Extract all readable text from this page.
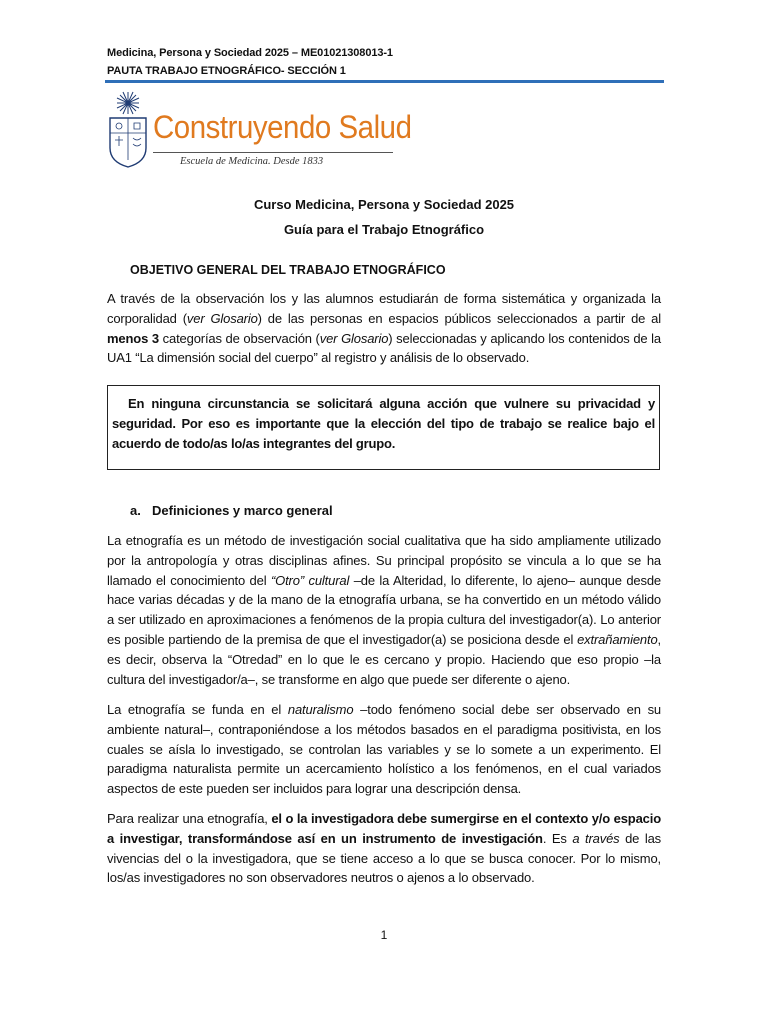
Medicina, Persona y Sociedad 2025 – ME01021308013-1
PAUTA TRABAJO ETNOGRÁFICO- SECCIÓN 1
Construyendo Salud
Escuela de Medicina. Desde 1833
Curso Medicina, Persona y Sociedad 2025
Guía para el Trabajo Etnográfico
OBJETIVO GENERAL DEL TRABAJO ETNOGRÁFICO
A través de la observación los y las alumnos estudiarán de forma sistemática y organizada la corporalidad (ver Glosario) de las personas en espacios públicos seleccionados a partir de al menos 3 categorías de observación (ver Glosario) seleccionadas y aplicando los contenidos de la UA1 “La dimensión social del cuerpo” al registro y análisis de lo observado.
En ninguna circunstancia se solicitará alguna acción que vulnere su privacidad y seguridad. Por eso es importante que la elección del tipo de trabajo se realice bajo el acuerdo de todo/as lo/as integrantes del grupo.
a. Definiciones y marco general
La etnografía es un método de investigación social cualitativa que ha sido ampliamente utilizado por la antropología y otras disciplinas afines. Su principal propósito se vincula a lo que se ha llamado el conocimiento del “Otro” cultural –de la Alteridad, lo diferente, lo ajeno– aunque desde hace varias décadas y de la mano de la etnografía urbana, se ha convertido en un método válido a ser utilizado en aproximaciones a fenómenos de la propia cultura del investigador(a). Lo anterior es posible partiendo de la premisa de que el investigador(a) se posiciona desde el extrañamiento, es decir, observa la “Otredad” en lo que le es cercano y propio. Haciendo que eso propio –la cultura del investigador/a–, se transforme en algo que puede ser diferente o ajeno.
La etnografía se funda en el naturalismo –todo fenómeno social debe ser observado en su ambiente natural–, contraponiéndose a los métodos basados en el paradigma positivista, en los cuales se aísla lo investigado, se controlan las variables y se lo somete a un experimento. El paradigma naturalista permite un acercamiento holístico a los fenómenos, en el cual variados aspectos de este pueden ser incluidos para lograr una descripción densa.
Para realizar una etnografía, el o la investigadora debe sumergirse en el contexto y/o espacio a investigar, transformándose así en un instrumento de investigación. Es a través de las vivencias del o la investigadora, que se tiene acceso a lo que se busca conocer. Por lo mismo, los/as investigadores no son observadores neutros o ajenos a lo observado.
1
